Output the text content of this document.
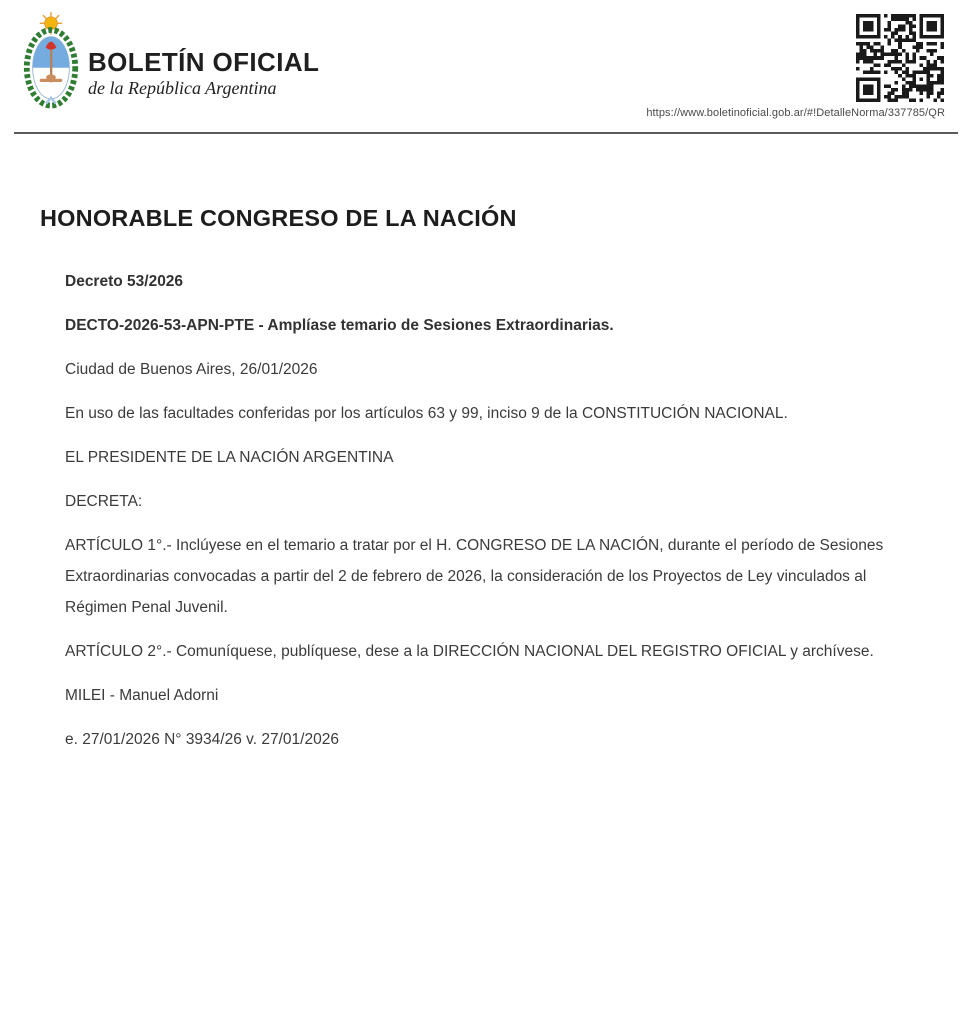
BOLETÍN OFICIAL
de la República Argentina
https://www.boletinoficial.gob.ar/#!DetalleNorma/337785/QR
HONORABLE CONGRESO DE LA NACIÓN

Decreto 53/2026

DECTO-2026-53-APN-PTE - Amplíase temario de Sesiones Extraordinarias.

Ciudad de Buenos Aires, 26/01/2026

En uso de las facultades conferidas por los artículos 63 y 99, inciso 9 de la CONSTITUCIÓN NACIONAL.

EL PRESIDENTE DE LA NACIÓN ARGENTINA

DECRETA:

ARTÍCULO 1°.- Inclúyese en el temario a tratar por el H. CONGRESO DE LA NACIÓN, durante el período de Sesiones Extraordinarias convocadas a partir del 2 de febrero de 2026, la consideración de los Proyectos de Ley vinculados al Régimen Penal Juvenil.

ARTÍCULO 2°.- Comuníquese, publíquese, dese a la DIRECCIÓN NACIONAL DEL REGISTRO OFICIAL y archívese.

MILEI - Manuel Adorni

e. 27/01/2026 N° 3934/26 v. 27/01/2026
